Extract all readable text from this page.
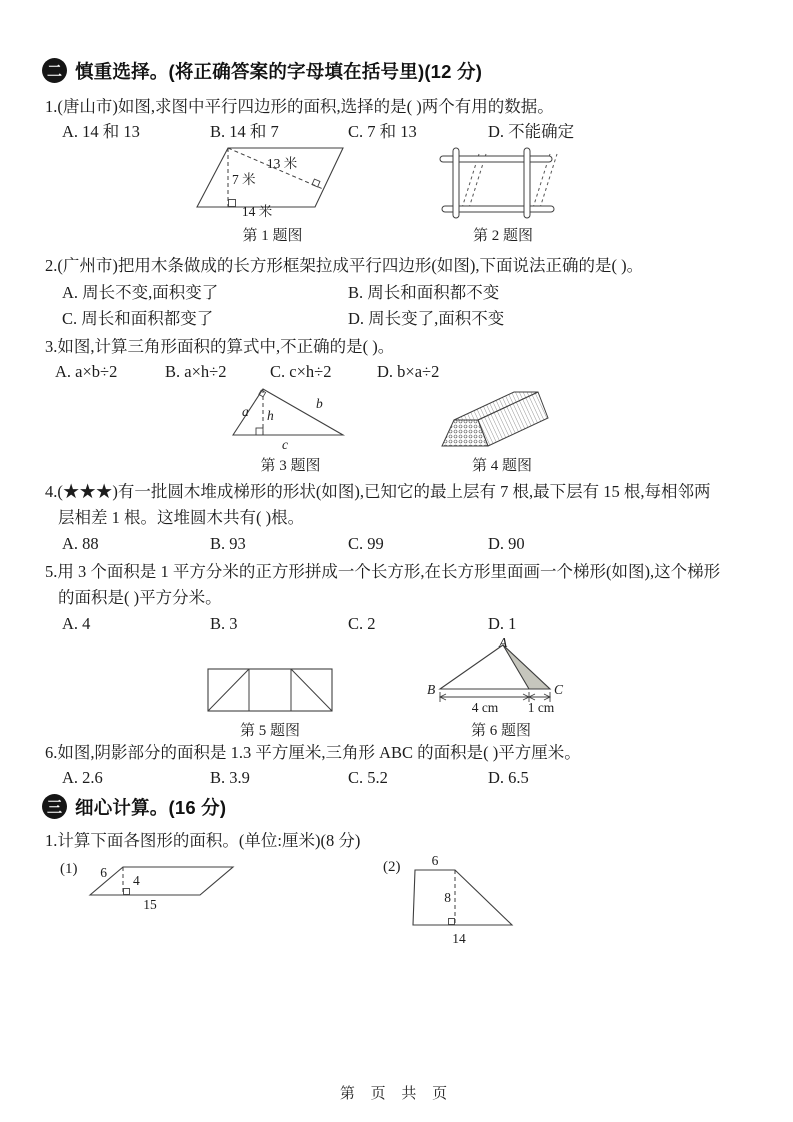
二 慎重选择。(将正确答案的字母填在括号里)(12 分)
1.(唐山市)如图,求图中平行四边形的面积,选择的是( )两个有用的数据。
A. 14 和 13	B. 14 和 7	C. 7 和 13	D. 不能确定
13 米
7 米
14 米
第 1 题图	第 2 题图
2.(广州市)把用木条做成的长方形框架拉成平行四边形(如图),下面说法正确的是( )。
A. 周长不变,面积变了	B. 周长和面积都不变
C. 周长和面积都变了	D. 周长变了,面积不变
3.如图,计算三角形面积的算式中,不正确的是( )。
A. a×b÷2	B. a×h÷2	C. c×h÷2	D. b×a÷2
a
b
h
c
第 3 题图	第 4 题图
4.(★★★)有一批圆木堆成梯形的形状(如图),已知它的最上层有 7 根,最下层有 15 根,每相邻两
层相差 1 根。这堆圆木共有( )根。
A. 88	B. 93	C. 99	D. 90
5.用 3 个面积是 1 平方分米的正方形拼成一个长方形,在长方形里面画一个梯形(如图),这个梯形
的面积是( )平方分米。
A. 4	B. 3	C. 2	D. 1
第 5 题图
A
B	C
4 cm 1 cm
第 6 题图
6.如图,阴影部分的面积是 1.3 平方厘米,三角形 ABC 的面积是( )平方厘米。
A. 2.6	B. 3.9	C. 5.2	D. 6.5
三 细心计算。(16 分)
1.计算下面各图形的面积。(单位:厘米)(8 分)
(1) 6
4
15
(2) 6
8
14
第 页 共 页
